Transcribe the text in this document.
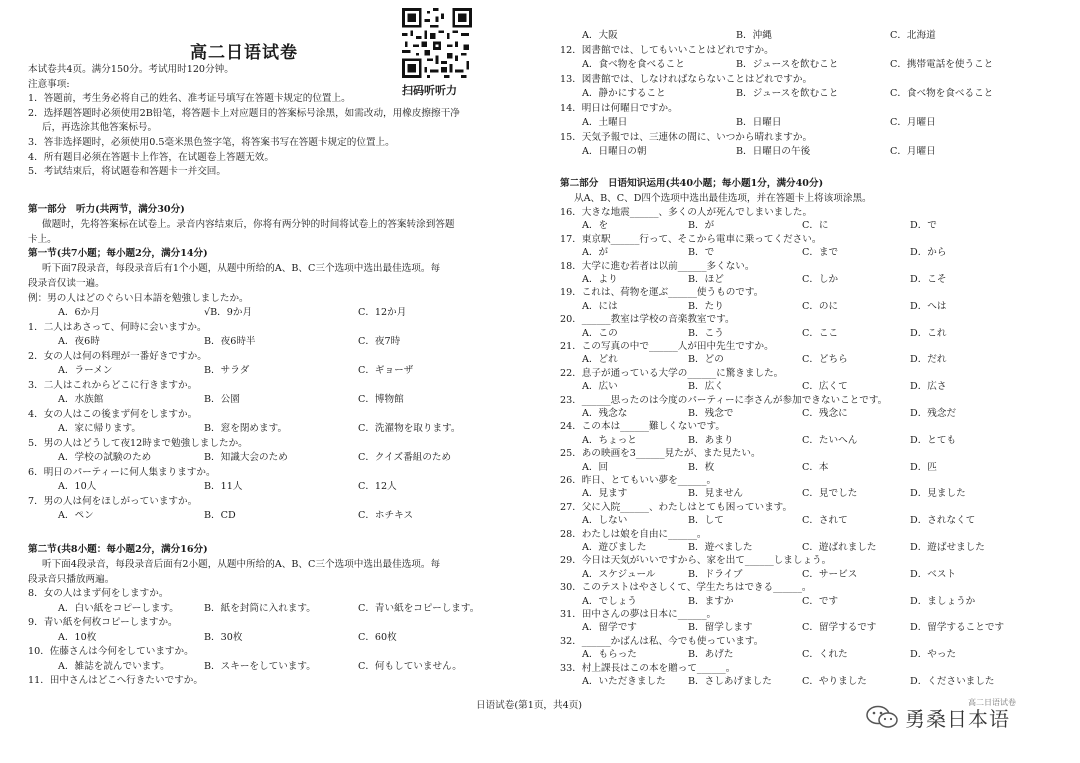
高二日语试卷
扫码听听力
本试卷共4页。满分150分。考试用时120分钟。
注意事项:
1．答题前，考生务必将自己的姓名、准考证号填写在答题卡规定的位置上。
2．选择题答题时必须使用2B铅笔，将答题卡上对应题目的答案标号涂黑，如需改动，用橡皮擦擦干净
后，再选涂其他答案标号。
3．答非选择题时，必须使用0.5毫米黑色签字笔，将答案书写在答题卡规定的位置上。
4．所有题目必须在答题卡上作答，在试题卷上答题无效。
5．考试结束后，将试题卷和答题卡一并交回。
第一部分　听力(共两节，满分30分)
做题时，先将答案标在试卷上。录音内容结束后，你将有两分钟的时间将试卷上的答案转涂到答题
卡上。
第一节(共7小题；每小题2分，满分14分)
听下面7段录音，每段录音后有1个小题，从题中所给的A、B、C三个选项中选出最佳选项。每
段录音仅读一遍。
例：男の人はどのぐらい日本語を勉強しましたか。
A．6か月	√B．9か月	C．12か月
1．二人はあさって、何時に会いますか。
A．夜6時	B．夜6時半	C．夜7時
2．女の人は何の料理が一番好きですか。
A．ラーメン	B．サラダ	C．ギョーザ
3．二人はこれからどこに行きますか。
A．水族館	B．公園	C．博物館
4．女の人はこの後まず何をしますか。
A．家に帰ります。	B．窓を閉めます。	C．洗濯物を取ります。
5．男の人はどうして夜12時まで勉強しましたか。
A．学校の試験のため	B．知識大会のため	C．クイズ番組のため
6．明日のパーティーに何人集まりますか。
A．10人	B．11人	C．12人
7．男の人は何をほしがっていますか。
A．ペン	B．CD	C．ホチキス
第二节(共8小题：每小题2分，满分16分)
听下面4段录音，每段录音后面有2小题，从题中所给的A、B、C三个选项中选出最佳选项。每
段录音只播放两遍。
8．女の人はまず何をしますか。
A．白い紙をコピーします。	B．紙を封筒に入れます。	C．青い紙をコピーします。
9．青い紙を何枚コピーしますか。
A．10枚	B．30枚	C．60枚
10．佐藤さんは今何をしていますか。
A．雑誌を読んでいます。	B．スキーをしています。	C．何もしていません。
11．田中さんはどこへ行きたいですか。
A．大阪	B．沖縄	C．北海道
12．図書館では、してもいいことはどれですか。
A．食べ物を食べること	B．ジュースを飲むこと	C．携帯電話を使うこと
13．図書館では、しなければならないことはどれですか。
A．静かにすること	B．ジュースを飲むこと	C．食べ物を食べること
14．明日は何曜日ですか。
A．土曜日	B．日曜日	C．月曜日
15．天気予報では、三連休の間に、いつから晴れますか。
A．日曜日の朝	B．日曜日の午後	C．月曜日
第二部分　日语知识运用(共40小题；每小题1分，满分40分)
从A、B、C、D四个选项中选出最佳选项，并在答题卡上将该项涂黑。
16．大きな地震______、多くの人が死んでしまいました。
A．を	B．が	C．に	D．で
17．東京駅______行って、そこから電車に乗ってください。
A．が	B．で	C．まで	D．から
18．大学に進む若者は以前______多くない。
A．より	B．ほど	C．しか	D．こそ
19．これは、荷物を運ぶ______使うものです。
A．には	B．たり	C．のに	D．へは
20．______教室は学校の音楽教室です。
A．この	B．こう	C．ここ	D．これ
21．この写真の中で______人が田中先生ですか。
A．どれ	B．どの	C．どちら	D．だれ
22．息子が通っている大学の______に驚きました。
A．広い	B．広く	C．広くて	D．広さ
23．______思ったのは今度のパーティーに李さんが参加できないことです。
A．残念な	B．残念で	C．残念に	D．残念だ
24．この本は______難しくないです。
A．ちょっと	B．あまり	C．たいへん	D．とても
25．あの映画を3______見たが、また見たい。
A．回	B．枚	C．本	D．匹
26．昨日、とてもいい夢を______。
A．見ます	B．見ません	C．見でした	D．見ました
27．父に入院______、わたしはとても困っています。
A．しない	B．して	C．されて	D．されなくて
28．わたしは娘を自由に______。
A．遊びました	B．遊べました	C．遊ばれました	D．遊ばせました
29．今日は天気がいいですから、家を出て______しましょう。
A．スケジュール	B．ドライブ	C．サービス	D．ベスト
30．このテストはやさしくて、学生たちはできる______。
A．でしょう	B．ますか	C．です	D．ましょうか
31．田中さんの夢は日本に______。
A．留学です	B．留学します	C．留学するです	D．留学することです
32．______かばんは私、今でも使っています。
A．もらった	B．あげた	C．くれた	D．やった
33．村上課長はこの本を贈って______。
A．いただきました B．さしあげました	C．やりました	D．くださいました
日语试卷(第1页，共4页)	高二日语试卷
勇桑日本语
